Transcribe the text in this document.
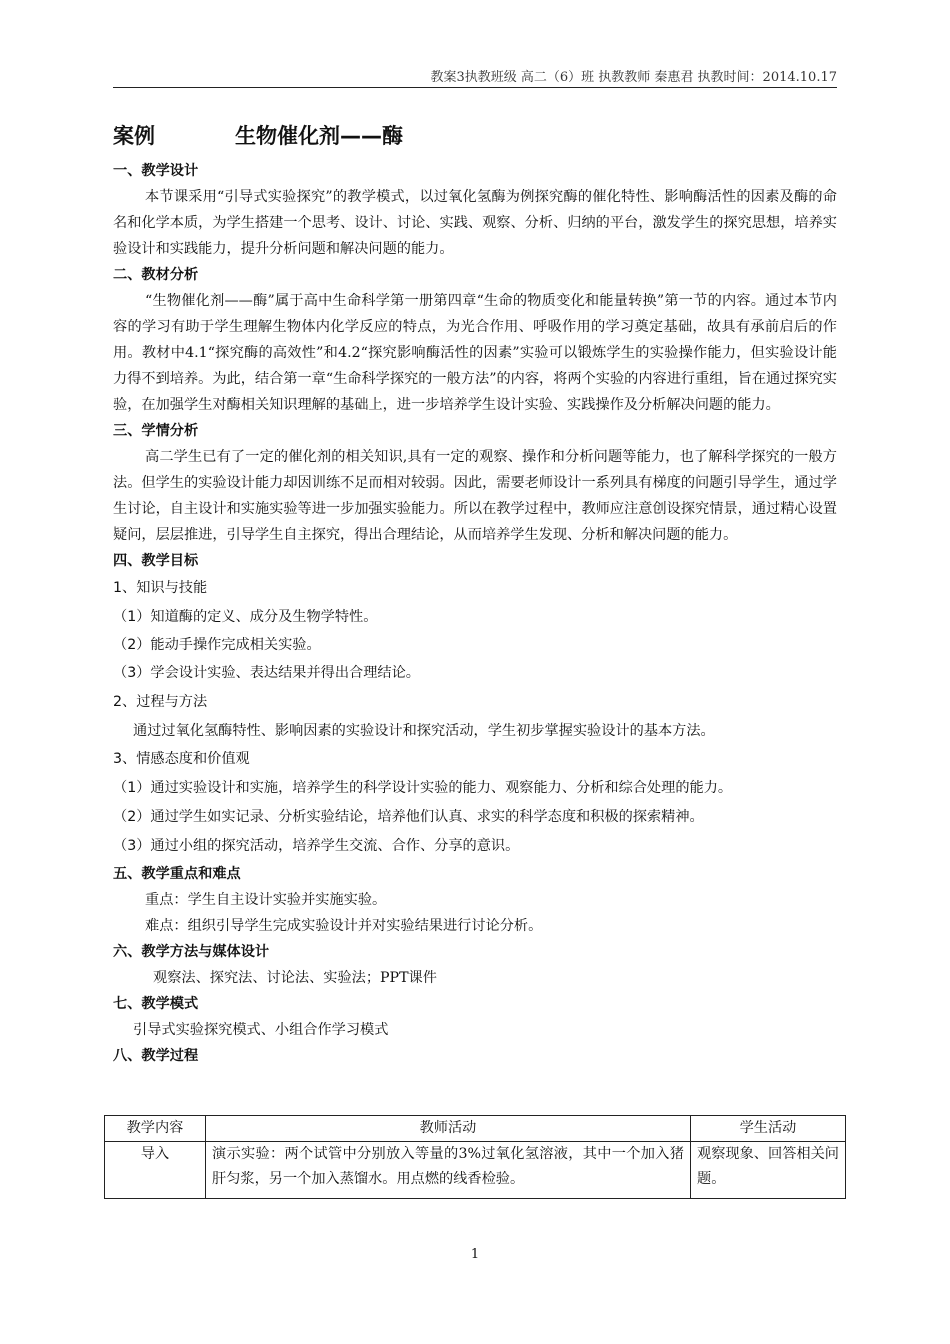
教案3执教班级 高二（6）班 执教教师 秦惠君 执教时间：2014.10.17
案例	生物催化剂——酶
一、教学设计
本节课采用“引导式实验探究”的教学模式，以过氧化氢酶为例探究酶的催化特性、影响酶活性的因素及酶的命名和化学本质，为学生搭建一个思考、设计、讨论、实践、观察、分析、归纳的平台，激发学生的探究思想，培养实验设计和实践能力，提升分析问题和解决问题的能力。
二、教材分析
“生物催化剂——酶”属于高中生命科学第一册第四章“生命的物质变化和能量转换”第一节的内容。通过本节内容的学习有助于学生理解生物体内化学反应的特点，为光合作用、呼吸作用的学习奠定基础，故具有承前启后的作用。教材中4.1“探究酶的高效性”和4.2“探究影响酶活性的因素”实验可以锻炼学生的实验操作能力，但实验设计能力得不到培养。为此，结合第一章“生命科学探究的一般方法”的内容，将两个实验的内容进行重组，旨在通过探究实验，在加强学生对酶相关知识理解的基础上，进一步培养学生设计实验、实践操作及分析解决问题的能力。
三、学情分析
高二学生已有了一定的催化剂的相关知识,具有一定的观察、操作和分析问题等能力，也了解科学探究的一般方法。但学生的实验设计能力却因训练不足而相对较弱。因此，需要老师设计一系列具有梯度的问题引导学生，通过学生讨论，自主设计和实施实验等进一步加强实验能力。所以在教学过程中，教师应注意创设探究情景，通过精心设置疑问，层层推进，引导学生自主探究，得出合理结论，从而培养学生发现、分析和解决问题的能力。
四、教学目标
1、知识与技能
（1）知道酶的定义、成分及生物学特性。
（2）能动手操作完成相关实验。
（3）学会设计实验、表达结果并得出合理结论。
2、过程与方法
通过过氧化氢酶特性、影响因素的实验设计和探究活动，学生初步掌握实验设计的基本方法。
3、情感态度和价值观
（1）通过实验设计和实施，培养学生的科学设计实验的能力、观察能力、分析和综合处理的能力。
（2）通过学生如实记录、分析实验结论，培养他们认真、求实的科学态度和积极的探索精神。
（3）通过小组的探究活动，培养学生交流、合作、分享的意识。
五、教学重点和难点
重点：学生自主设计实验并实施实验。
难点：组织引导学生完成实验设计并对实验结果进行讨论分析。
六、教学方法与媒体设计
观察法、探究法、讨论法、实验法；PPT课件
七、教学模式
引导式实验探究模式、小组合作学习模式
八、教学过程
教学内容	教师活动	学生活动
导入	演示实验：两个试管中分别放入等量的3%过氧化氢溶液，其中一个加入猪肝匀浆，另一个加入蒸馏水。用点燃的线香检验。	观察现象、回答相关问题。
1
